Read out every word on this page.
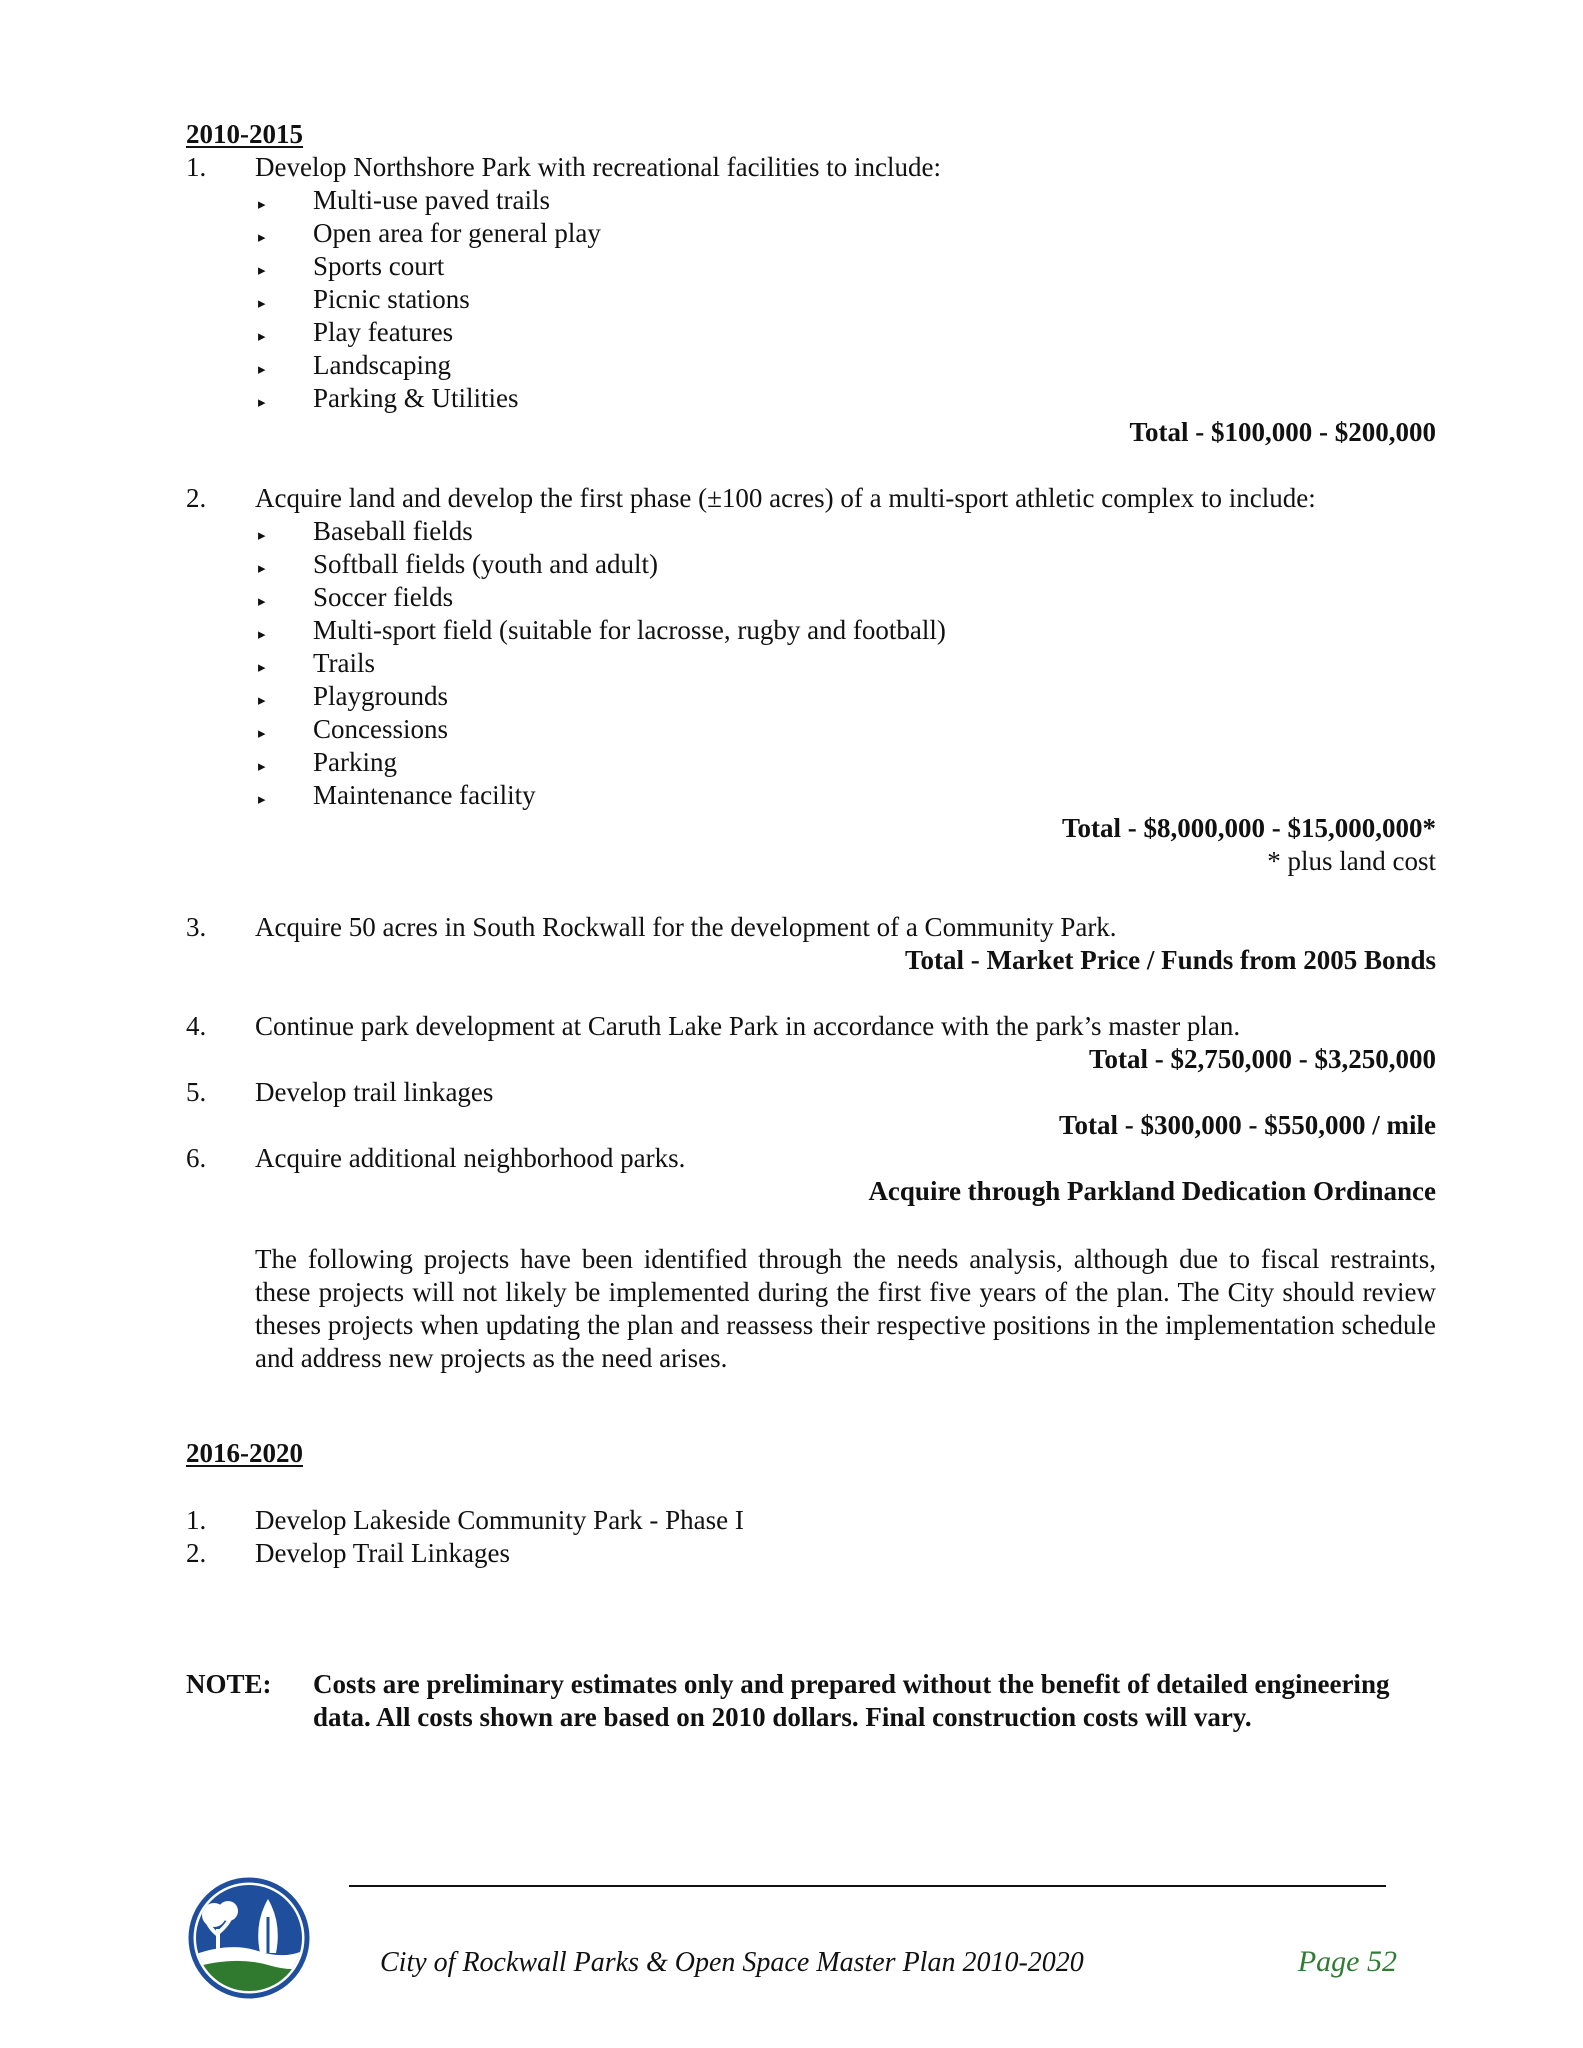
2010-2015
1. Develop Northshore Park with recreational facilities to include:
▸ Multi-use paved trails
▸ Open area for general play
▸ Sports court
▸ Picnic stations
▸ Play features
▸ Landscaping
▸ Parking & Utilities
Total - $100,000 - $200,000
2. Acquire land and develop the first phase (±100 acres) of a multi-sport athletic complex to include:
▸ Baseball fields
▸ Softball fields (youth and adult)
▸ Soccer fields
▸ Multi-sport field (suitable for lacrosse, rugby and football)
▸ Trails
▸ Playgrounds
▸ Concessions
▸ Parking
▸ Maintenance facility
Total - $8,000,000 - $15,000,000*
* plus land cost
3. Acquire 50 acres in South Rockwall for the development of a Community Park.
Total - Market Price / Funds from 2005 Bonds
4. Continue park development at Caruth Lake Park in accordance with the park’s master plan.
Total - $2,750,000 - $3,250,000
5. Develop trail linkages
Total - $300,000 - $550,000 / mile
6. Acquire additional neighborhood parks.
Acquire through Parkland Dedication Ordinance
The following projects have been identified through the needs analysis, although due to fiscal restraints, these projects will not likely be implemented during the first five years of the plan. The City should review theses projects when updating the plan and reassess their respective positions in the implementation schedule and address new projects as the need arises.
2016-2020
1. Develop Lakeside Community Park - Phase I
2. Develop Trail Linkages
NOTE: Costs are preliminary estimates only and prepared without the benefit of detailed engineering data. All costs shown are based on 2010 dollars. Final construction costs will vary.
City of Rockwall Parks & Open Space Master Plan 2010-2020	Page 52
